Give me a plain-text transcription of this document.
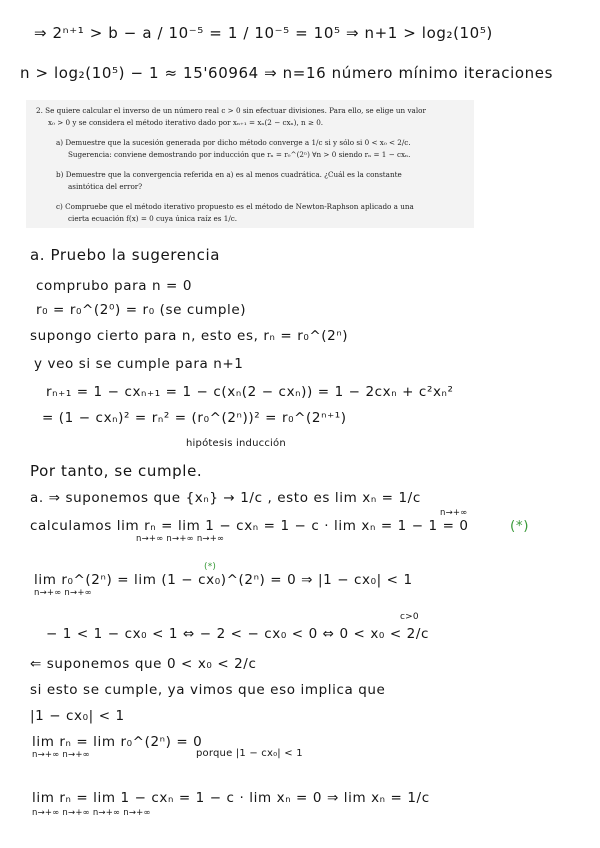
⇒ 2ⁿ⁺¹ > b − a / 10⁻⁵ = 1 / 10⁻⁵ = 10⁵ ⇒ n+1 > log₂(10⁵)
n > log₂(10⁵) − 1 ≈ 15'60964 ⇒ n=16 número mínimo iteraciones
2. Se quiere calcular el inverso de un número real c > 0 sin efectuar divisiones. Para ello, se elige un valor
x₀ > 0 y se considera el método iterativo dado por xₙ₊₁ = xₙ(2 − cxₙ), n ≥ 0.
a) Demuestre que la sucesión generada por dicho método converge a 1/c si y sólo si 0 < x₀ < 2/c.
Sugerencia: conviene demostrando por inducción que rₙ = r₀^(2ⁿ) ∀n > 0 siendo rₙ = 1 − cxₙ.
b) Demuestre que la convergencia referida en a) es al menos cuadrática. ¿Cuál es la constante
asintótica del error?
c) Compruebe que el método iterativo propuesto es el método de Newton-Raphson aplicado a una
cierta ecuación f(x) = 0 cuya única raíz es 1/c.
a. Pruebo la sugerencia
comprubo para n = 0
r₀ = r₀^(2⁰) = r₀ (se cumple)
supongo cierto para n, esto es, rₙ = r₀^(2ⁿ)
y veo si se cumple para n+1
rₙ₊₁ = 1 − cxₙ₊₁ = 1 − c(xₙ(2 − cxₙ)) = 1 − 2cxₙ + c²xₙ²
= (1 − cxₙ)² = rₙ² = (r₀^(2ⁿ))² = r₀^(2ⁿ⁺¹)
hipótesis inducción
Por tanto, se cumple.
a. ⇒ suponemos que {xₙ} → 1/c , esto es lim xₙ = 1/c
n→+∞
calculamos lim rₙ = lim 1 − cxₙ = 1 − c · lim xₙ = 1 − 1 = 0	(*)
n→+∞ n→+∞ n→+∞
(*)
lim r₀^(2ⁿ) = lim (1 − cx₀)^(2ⁿ) = 0 ⇒ |1 − cx₀| < 1
n→+∞ n→+∞
c>0
− 1 < 1 − cx₀ < 1 ⇔ − 2 < − cx₀ < 0 ⇔ 0 < x₀ < 2/c
⇐ suponemos que 0 < x₀ < 2/c
si esto se cumple, ya vimos que eso implica que
|1 − cx₀| < 1
lim rₙ = lim r₀^(2ⁿ) = 0
n→+∞ n→+∞	porque |1 − cx₀| < 1
lim rₙ = lim 1 − cxₙ = 1 − c · lim xₙ = 0 ⇒ lim xₙ = 1/c
n→+∞ n→+∞ n→+∞ n→+∞
